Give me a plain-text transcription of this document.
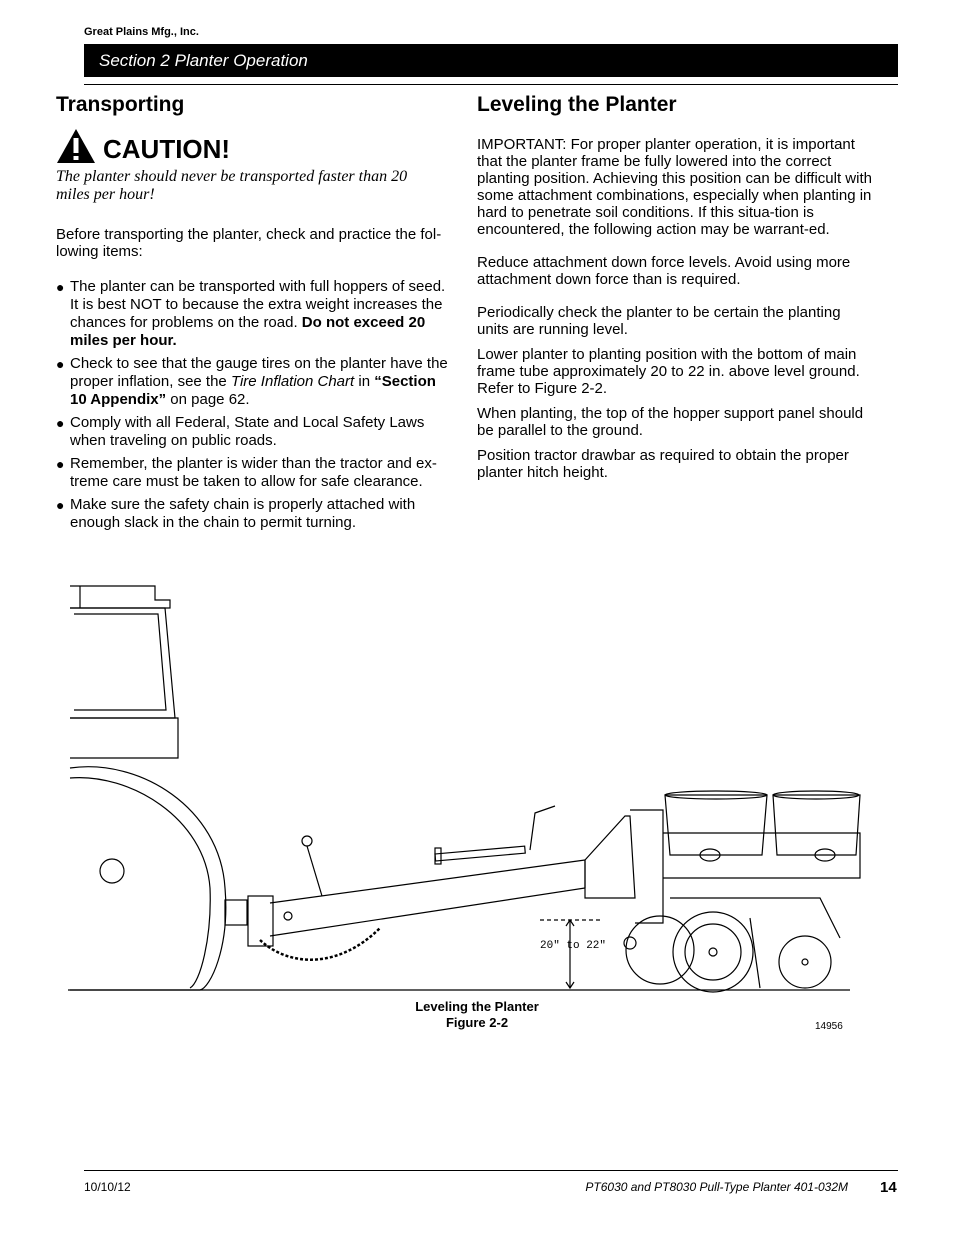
Great Plains Mfg., Inc.
Section 2 Planter Operation
Transporting
CAUTION!

The planter should never be transported faster than 20 miles per hour!

Before transporting the planter, check and practice the fol-lowing items:

● The planter can be transported with full hoppers of seed. It is best NOT to because the extra weight increases the chances for problems on the road. Do not exceed 20 miles per hour.
● Check to see that the gauge tires on the planter have the proper inflation, see the Tire Inflation Chart in “Section 10 Appendix” on page 62.
● Comply with all Federal, State and Local Safety Laws when traveling on public roads.
● Remember, the planter is wider than the tractor and ex-treme care must be taken to allow for safe clearance.
● Make sure the safety chain is properly attached with enough slack in the chain to permit turning.
Leveling the Planter

IMPORTANT: For proper planter operation, it is important that the planter frame be fully lowered into the correct planting position. Achieving this position can be difficult with some attachment combinations, especially when planting in hard to penetrate soil conditions. If this situa-tion is encountered, the following action may be warrant-ed.

Reduce attachment down force levels. Avoid using more attachment down force than is required.

Periodically check the planter to be certain the planting units are running level.

Lower planter to planting position with the bottom of main frame tube approximately 20 to 22 in. above level ground. Refer to Figure 2-2.

When planting, the top of the hopper support panel should be parallel to the ground.

Position tractor drawbar as required to obtain the proper planter hitch height.

20" to 22"
Leveling the Planter
Figure 2-2	14956
10/10/12	PT6030 and PT8030 Pull-Type Planter 401-032M 14
